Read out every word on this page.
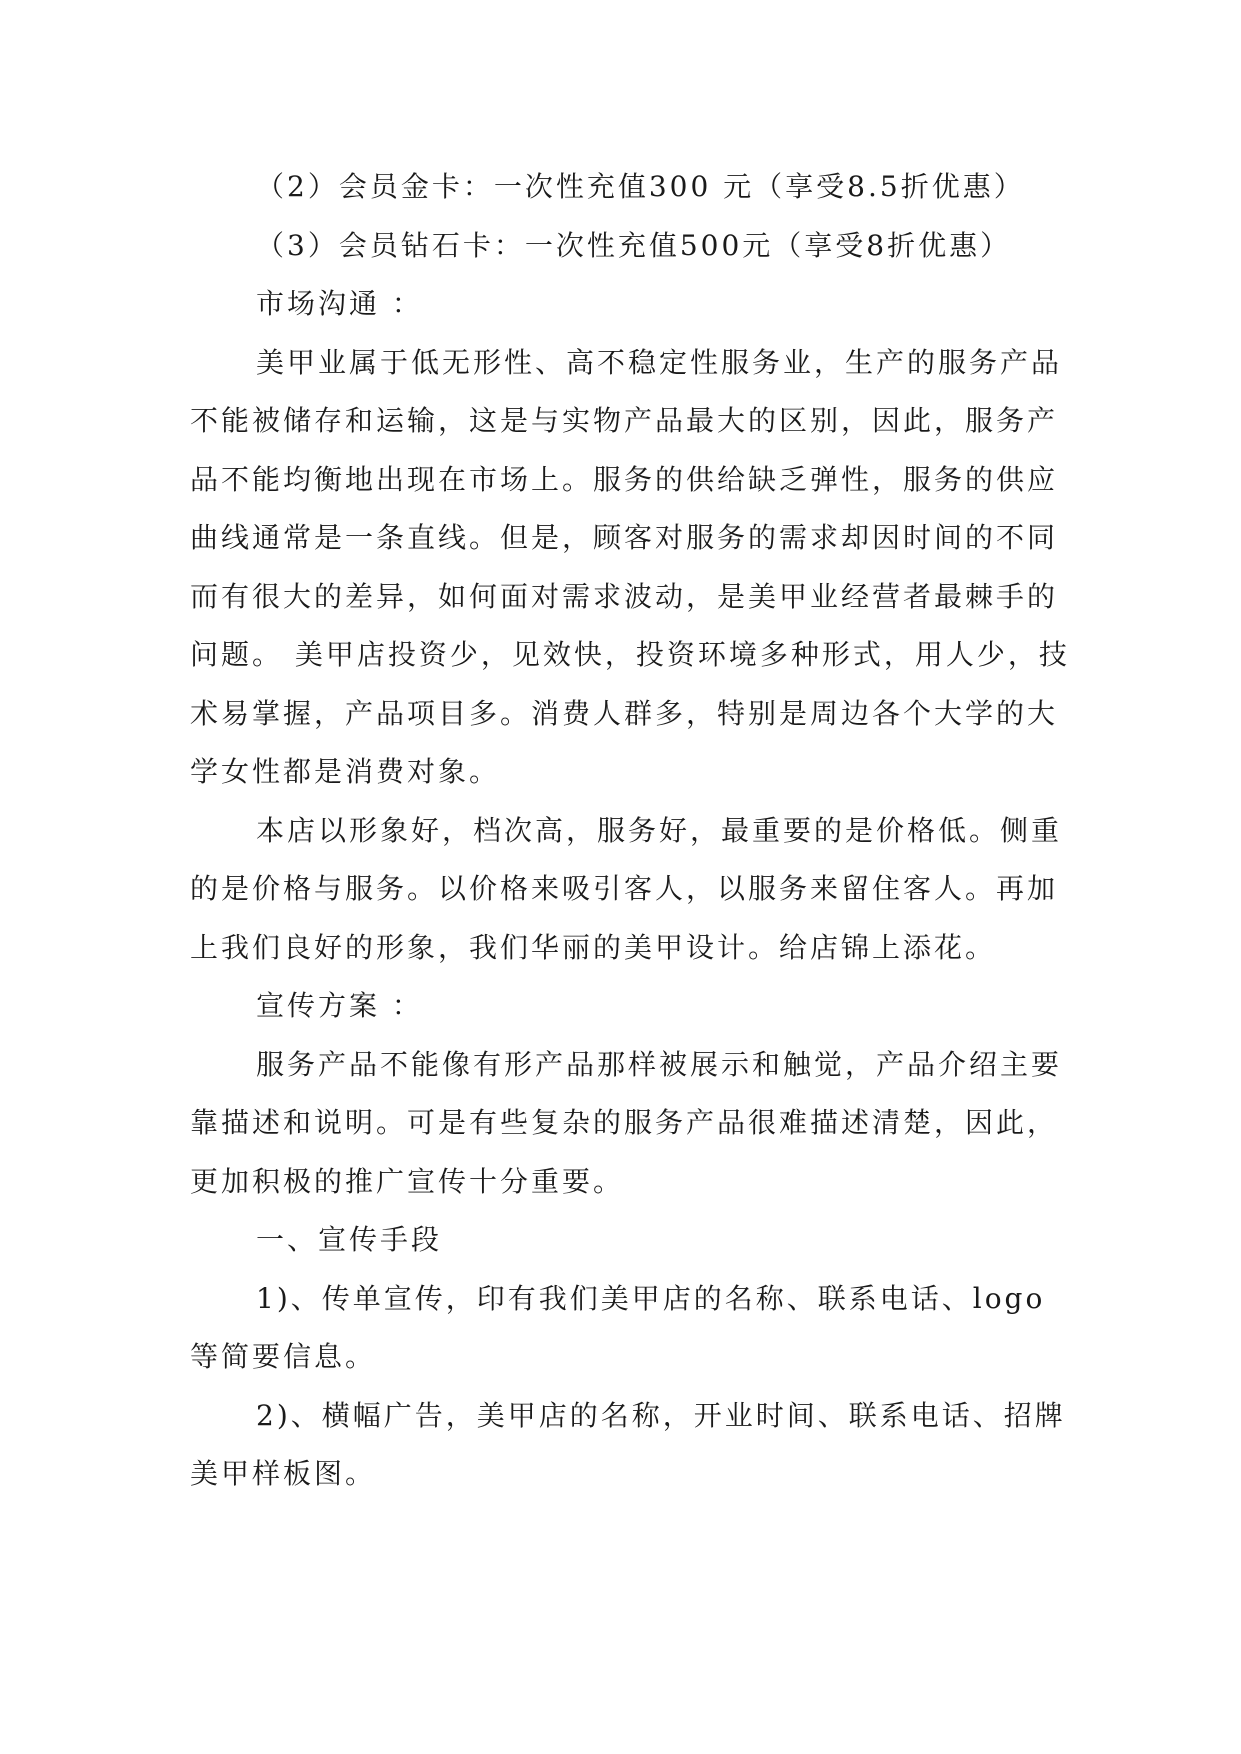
（2）会员金卡：一次性充值300 元（享受8.5折优惠）

（3）会员钻石卡：一次性充值500元（享受8折优惠）

市场沟通 ：

美甲业属于低无形性、高不稳定性服务业，生产的服务产品不能被储存和运输，这是与实物产品最大的区别，因此，服务产品不能均衡地出现在市场上。服务的供给缺乏弹性，服务的供应曲线通常是一条直线。但是，顾客对服务的需求却因时间的不同而有很大的差异，如何面对需求波动，是美甲业经营者最棘手的问题。 美甲店投资少，见效快，投资环境多种形式，用人少，技术易掌握，产品项目多。消费人群多，特别是周边各个大学的大学女性都是消费对象。

本店以形象好，档次高，服务好，最重要的是价格低。侧重的是价格与服务。以价格来吸引客人，以服务来留住客人。再加上我们良好的形象，我们华丽的美甲设计。给店锦上添花。

宣传方案 ：

服务产品不能像有形产品那样被展示和触觉，产品介绍主要靠描述和说明。可是有些复杂的服务产品很难描述清楚，因此，更加积极的推广宣传十分重要。

一、宣传手段

1)、传单宣传，印有我们美甲店的名称、联系电话、logo等简要信息。

2)、横幅广告，美甲店的名称，开业时间、联系电话、招牌美甲样板图。
